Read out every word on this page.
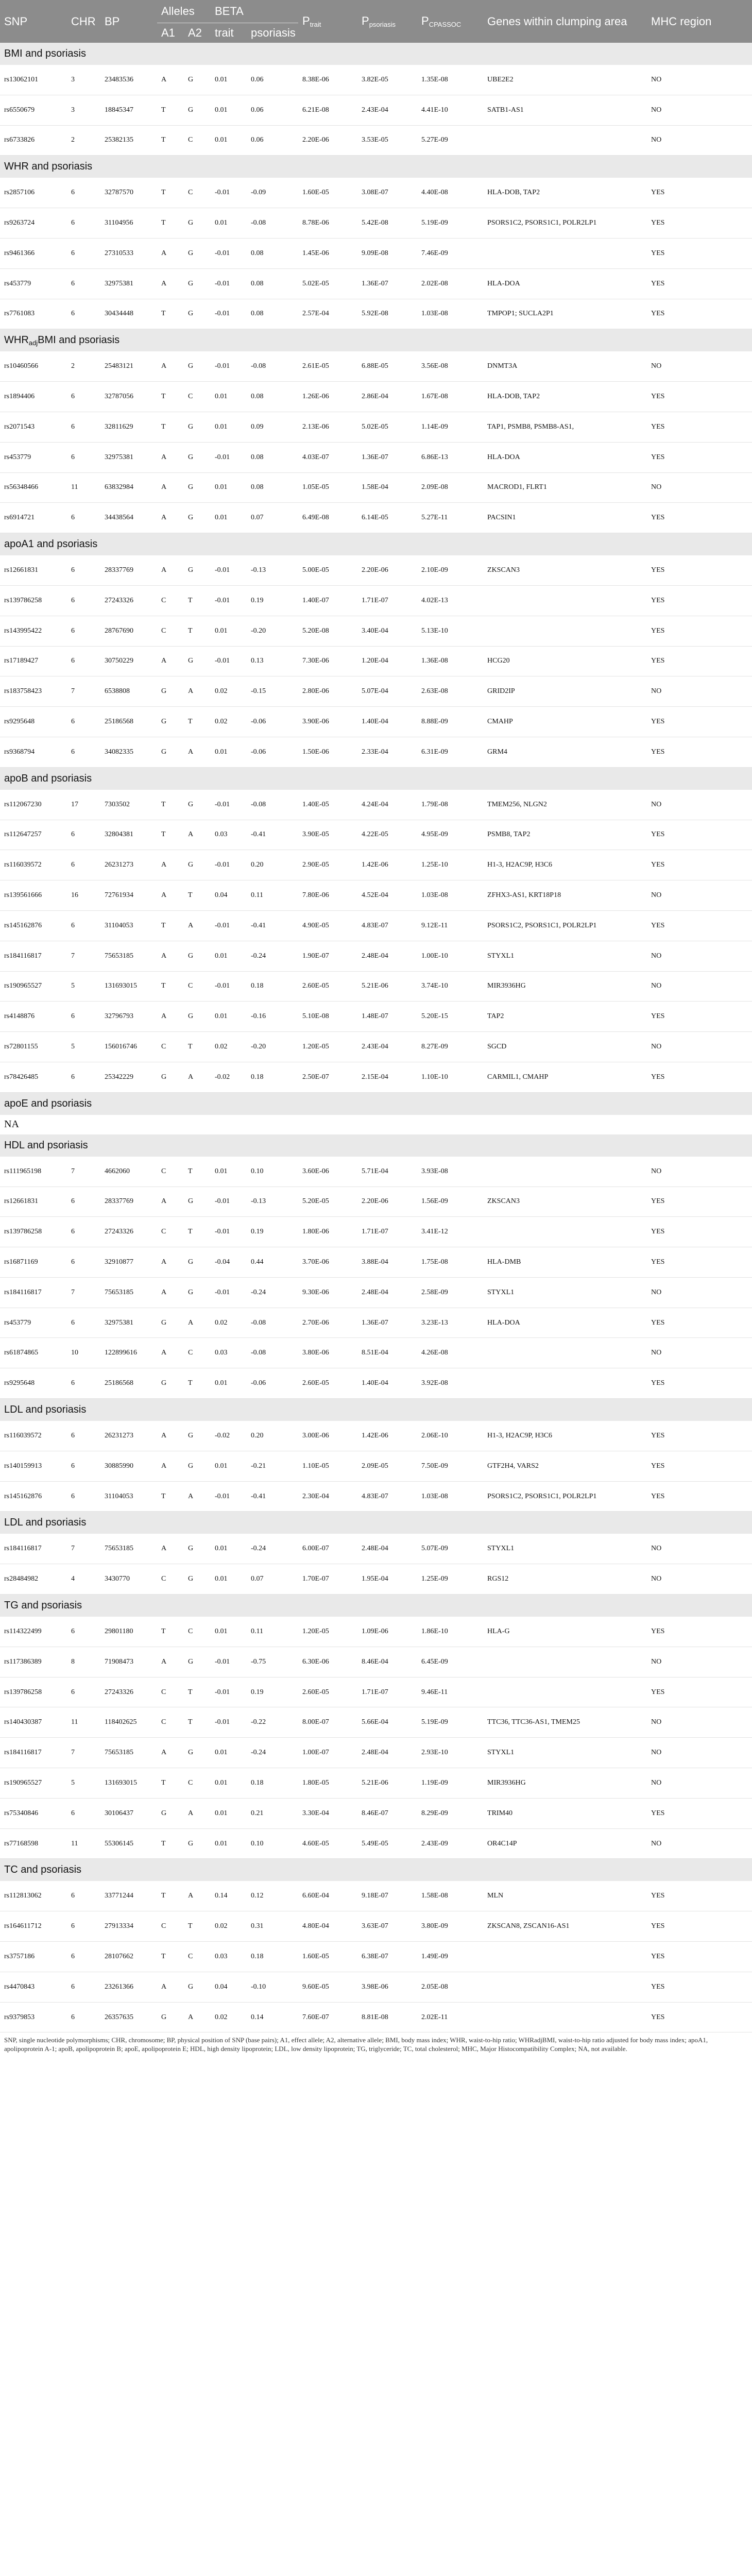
SNP	CHR	BP	Alleles		BETA		$P_{trait}$	$P_{psoriasis}$	$P_{CPASSOC}$	Genes within clumping area	MHC region
			A1	A2	trait	psoriasis					
BMI and psoriasis											
rs13062101	3	23483536	A	G	0.01	0.06	8.38E-06	3.82E-05	1.35E-08	UBE2E2	NO
rs6550679	3	18845347	T	G	0.01	0.06	6.21E-08	2.43E-04	4.41E-10	SATB1-AS1	NO
rs6733826	2	25382135	T	C	0.01	0.06	2.20E-06	3.53E-05	5.27E-09		NO
WHR and psoriasis											
rs2857106	6	32787570	T	C	-0.01	-0.09	1.60E-05	3.08E-07	4.40E-08	HLA-DOB, TAP2	YES
rs9263724	6	31104956	T	G	0.01	-0.08	8.78E-06	5.42E-08	5.19E-09	PSORS1C2, PSORS1C1, POLR2LP1	YES
rs9461366	6	27310533	A	G	-0.01	0.08	1.45E-06	9.09E-08	7.46E-09		YES
rs453779	6	32975381	A	G	-0.01	0.08	5.02E-05	1.36E-07	2.02E-08	HLA-DOA	YES
rs7761083	6	30434448	T	G	-0.01	0.08	2.57E-04	5.92E-08	1.03E-08	TMPOP1; SUCLA2P1	YES
$WHR_{adj}BMI$ and psoriasis											
rs10460566	2	25483121	A	G	-0.01	-0.08	2.61E-05	6.88E-05	3.56E-08	DNMT3A	NO
rs1894406	6	32787056	T	C	0.01	0.08	1.26E-06	2.86E-04	1.67E-08	HLA-DOB, TAP2	YES
rs2071543	6	32811629	T	G	0.01	0.09	2.13E-06	5.02E-05	1.14E-09	TAP1, PSMB8, PSMB8-AS1,	YES
rs453779	6	32975381	A	G	-0.01	0.08	4.03E-07	1.36E-07	6.86E-13	HLA-DOA	YES
rs56348466	11	63832984	A	G	0.01	0.08	1.05E-05	1.58E-04	2.09E-08	MACROD1, FLRT1	NO
rs6914721	6	34438564	A	G	0.01	0.07	6.49E-08	6.14E-05	5.27E-11	PACSIN1	YES
apoA1 and psoriasis											
rs12661831	6	28337769	A	G	-0.01	-0.13	5.00E-05	2.20E-06	2.10E-09	ZKSCAN3	YES
rs139786258	6	27243326	C	T	-0.01	0.19	1.40E-07	1.71E-07	4.02E-13		YES
rs143995422	6	28767690	C	T	0.01	-0.20	5.20E-08	3.40E-04	5.13E-10		YES
rs17189427	6	30750229	A	G	-0.01	0.13	7.30E-06	1.20E-04	1.36E-08	HCG20	YES
rs183758423	7	6538808	G	A	0.02	-0.15	2.80E-06	5.07E-04	2.63E-08	GRID2IP	NO
rs9295648	6	25186568	G	T	0.02	-0.06	3.90E-06	1.40E-04	8.88E-09	CMAHP	YES
rs9368794	6	34082335	G	A	0.01	-0.06	1.50E-06	2.33E-04	6.31E-09	GRM4	YES
apoB and psoriasis											
rs112067230	17	7303502	T	G	-0.01	-0.08	1.40E-05	4.24E-04	1.79E-08	TMEM256, NLGN2	NO
rs112647257	6	32804381	T	A	0.03	-0.41	3.90E-05	4.22E-05	4.95E-09	PSMB8, TAP2	YES
rs116039572	6	26231273	A	G	-0.01	0.20	2.90E-05	1.42E-06	1.25E-10	H1-3, H2AC9P, H3C6	YES
rs139561666	16	72761934	A	T	0.04	0.11	7.80E-06	4.52E-04	1.03E-08	ZFHX3-AS1, KRT18P18	NO
rs145162876	6	31104053	T	A	-0.01	-0.41	4.90E-05	4.83E-07	9.12E-11	PSORS1C2, PSORS1C1, POLR2LP1	YES
rs184116817	7	75653185	A	G	0.01	-0.24	1.90E-07	2.48E-04	1.00E-10	STYXL1	NO
rs190965527	5	131693015	T	C	-0.01	0.18	2.60E-05	5.21E-06	3.74E-10	MIR3936HG	NO
rs4148876	6	32796793	A	G	0.01	-0.16	5.10E-08	1.48E-07	5.20E-15	TAP2	YES
rs72801155	5	156016746	C	T	0.02	-0.20	1.20E-05	2.43E-04	8.27E-09	SGCD	NO
rs78426485	6	25342229	G	A	-0.02	0.18	2.50E-07	2.15E-04	1.10E-10	CARMIL1, CMAHP	YES
apoE and psoriasis											
NA											
HDL and psoriasis											
rs111965198	7	4662060	C	T	0.01	0.10	3.60E-06	5.71E-04	3.93E-08		NO
rs12661831	6	28337769	A	G	-0.01	-0.13	5.20E-05	2.20E-06	1.56E-09	ZKSCAN3	YES
rs139786258	6	27243326	C	T	-0.01	0.19	1.80E-06	1.71E-07	3.41E-12		YES
rs16871169	6	32910877	A	G	-0.04	0.44	3.70E-06	3.88E-04	1.75E-08	HLA-DMB	YES
rs184116817	7	75653185	A	G	-0.01	-0.24	9.30E-06	2.48E-04	2.58E-09	STYXL1	NO
rs453779	6	32975381	G	A	0.02	-0.08	2.70E-06	1.36E-07	3.23E-13	HLA-DOA	YES
rs61874865	10	122899616	A	C	0.03	-0.08	3.80E-06	8.51E-04	4.26E-08		NO
rs9295648	6	25186568	G	T	0.01	-0.06	2.60E-05	1.40E-04	3.92E-08		YES
LDL and psoriasis											
rs116039572	6	26231273	A	G	-0.02	0.20	3.00E-06	1.42E-06	2.06E-10	H1-3, H2AC9P, H3C6	YES
rs140159913	6	30885990	A	G	0.01	-0.21	1.10E-05	2.09E-05	7.50E-09	GTF2H4, VARS2	YES
rs145162876	6	31104053	T	A	-0.01	-0.41	2.30E-04	4.83E-07	1.03E-08	PSORS1C2, PSORS1C1, POLR2LP1	YES
LDL and psoriasis											
rs184116817	7	75653185	A	G	0.01	-0.24	6.00E-07	2.48E-04	5.07E-09	STYXL1	NO
rs28484982	4	3430770	C	G	0.01	0.07	1.70E-07	1.95E-04	1.25E-09	RGS12	NO
TG and psoriasis											
rs114322499	6	29801180	T	C	0.01	0.11	1.20E-05	1.09E-06	1.86E-10	HLA-G	YES
rs117386389	8	71908473	A	G	-0.01	-0.75	6.30E-06	8.46E-04	6.45E-09		NO
rs139786258	6	27243326	C	T	-0.01	0.19	2.60E-05	1.71E-07	9.46E-11		YES
rs140430387	11	118402625	C	T	-0.01	-0.22	8.00E-07	5.66E-04	5.19E-09	TTC36, TTC36-AS1, TMEM25	NO
rs184116817	7	75653185	A	G	0.01	-0.24	1.00E-07	2.48E-04	2.93E-10	STYXL1	NO
rs190965527	5	131693015	T	C	0.01	0.18	1.80E-05	5.21E-06	1.19E-09	MIR3936HG	NO
rs75340846	6	30106437	G	A	0.01	0.21	3.30E-04	8.46E-07	8.29E-09	TRIM40	YES
rs77168598	11	55306145	T	G	0.01	0.10	4.60E-05	5.49E-05	2.43E-09	OR4C14P	NO
TC and psoriasis											
rs112813062	6	33771244	T	A	0.14	0.12	6.60E-04	9.18E-07	1.58E-08	MLN	YES
rs164611712	6	27913334	C	T	0.02	0.31	4.80E-04	3.63E-07	3.80E-09	ZKSCAN8, ZSCAN16-AS1	YES
rs3757186	6	28107662	T	C	0.03	0.18	1.60E-05	6.38E-07	1.49E-09		YES
rs4470843	6	23261366	A	G	0.04	-0.10	9.60E-05	3.98E-06	2.05E-08		YES
rs9379853	6	26357635	G	A	0.02	0.14	7.60E-07	8.81E-08	2.02E-11		YES
SNP, single nucleotide polymorphisms; CHR, chromosome; BP, physical position of SNP (base pairs); A1, effect allele; A2, alternative allele; BMI, body mass index; WHR, waist-to-hip ratio; WHRadjBMI, waist-to-hip ratio adjusted for body mass index; apoA1, apolipoprotein A-1; apoB, apolipoprotein B; apoE, apolipoprotein E; HDL, high density lipoprotein; LDL, low density lipoprotein; TG, triglyceride; TC, total cholesterol; MHC, Major Histocompatibility Complex; NA, not available.
